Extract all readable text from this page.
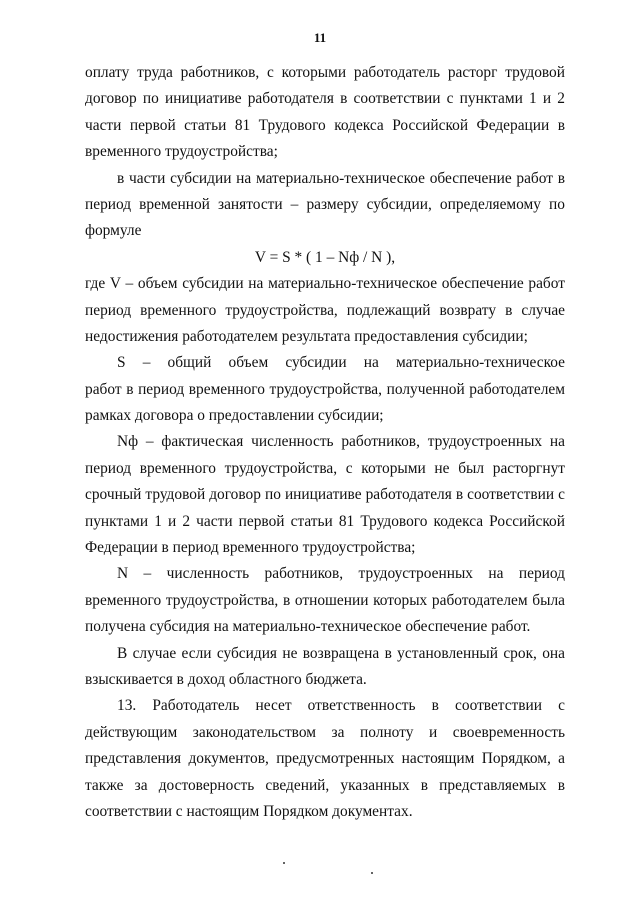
11
оплату труда работников, с которыми работодатель расторг трудовой
договор по инициативе работодателя в соответствии с пунктами 1 и 2
части первой статьи 81 Трудового кодекса Российской Федерации в
временного трудоустройства;
в части субсидии на материально-техническое обеспечение работ в
период временной занятости – размеру субсидии, определяемому по
формуле
V = S * ( 1 – Nф / N ),
где V – объем субсидии на материально-техническое обеспечение работ
период временного трудоустройства, подлежащий возврату в случае
недостижения работодателем результата предоставления субсидии;
S – общий объем субсидии на материально-техническое
работ в период временного трудоустройства, полученной работодателем
рамках договора о предоставлении субсидии;
Nф – фактическая численность работников, трудоустроенных на
период временного трудоустройства, с которыми не был расторгнут
срочный трудовой договор по инициативе работодателя в соответствии с
пунктами 1 и 2 части первой статьи 81 Трудового кодекса Российской
Федерации в период временного трудоустройства;
N – численность работников, трудоустроенных на период
временного трудоустройства, в отношении которых работодателем была
получена субсидия на материально-техническое обеспечение работ.
В случае если субсидия не возвращена в установленный срок, она
взыскивается в доход областного бюджета.
13. Работодатель несет ответственность в соответствии с
действующим законодательством за полноту и своевременность
представления документов, предусмотренных настоящим Порядком, а
также за достоверность сведений, указанных в представляемых в
соответствии с настоящим Порядком документах.
